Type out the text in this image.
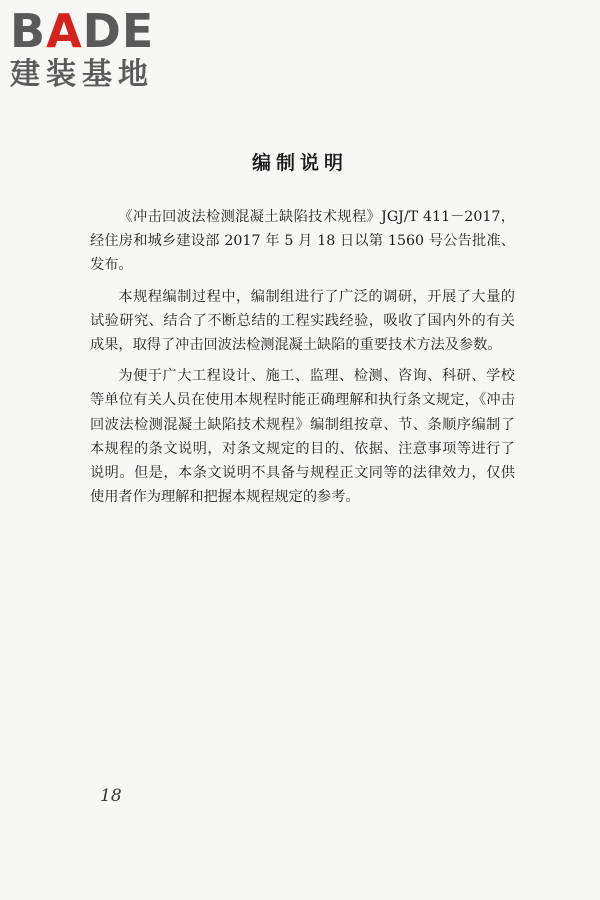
BADE
建装基地
编制说明

《冲击回波法检测混凝土缺陷技术规程》JGJ/T 411－2017，经住房和城乡建设部 2017 年 5 月 18 日以第 1560 号公告批准、发布。

本规程编制过程中，编制组进行了广泛的调研，开展了大量的试验研究、结合了不断总结的工程实践经验，吸收了国内外的有关成果，取得了冲击回波法检测混凝土缺陷的重要技术方法及参数。

为便于广大工程设计、施工、监理、检测、咨询、科研、学校等单位有关人员在使用本规程时能正确理解和执行条文规定，《冲击回波法检测混凝土缺陷技术规程》编制组按章、节、条顺序编制了本规程的条文说明，对条文规定的目的、依据、注意事项等进行了说明。但是，本条文说明不具备与规程正文同等的法律效力，仅供使用者作为理解和把握本规程规定的参考。

18
